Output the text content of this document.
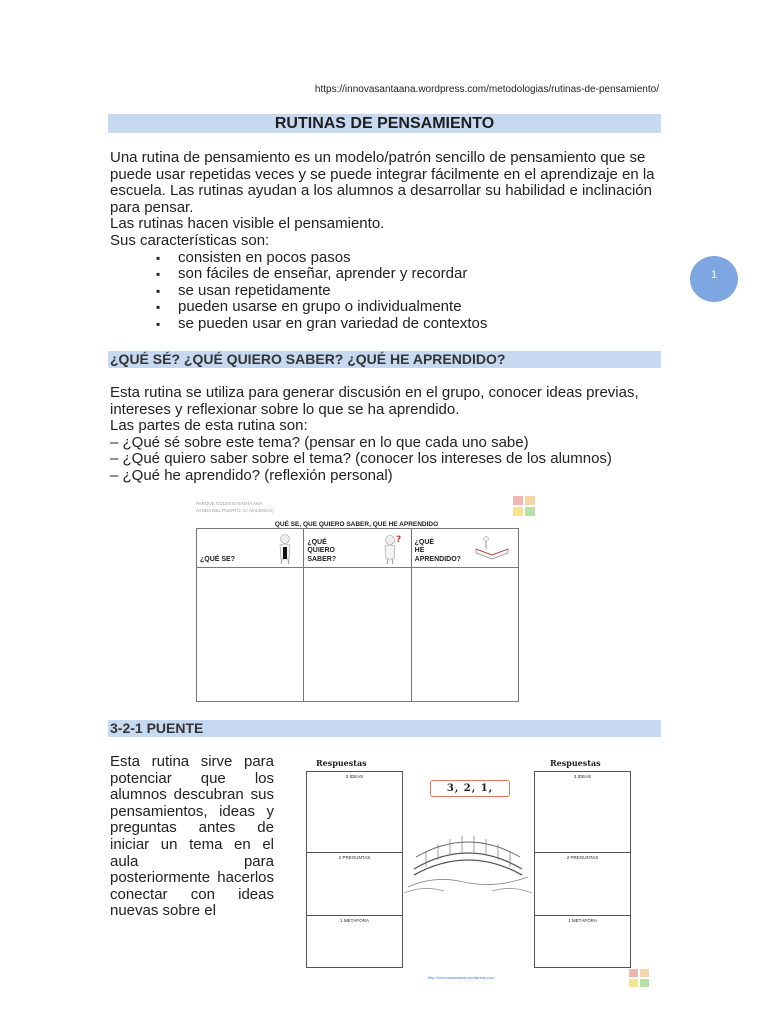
https://innovasantaana.wordpress.com/metodologias/rutinas-de-pensamiento/
RUTINAS DE PENSAMIENTO

Una rutina de pensamiento es un modelo/patrón sencillo de pensamiento que se puede usar repetidas veces y se puede integrar fácilmente en el aprendizaje en la escuela. Las rutinas ayudan a los alumnos a desarrollar su habilidad e inclinación para pensar.

Las rutinas hacen visible el pensamiento.

Sus características son:

▪ consisten en pocos pasos
▪ son fáciles de enseñar, aprender y recordar
▪ se usan repetidamente
▪ pueden usarse en grupo o individualmente
▪ se pueden usar en gran variedad de contextos
1
¿QUÉ SÉ? ¿QUÉ QUIERO SABER? ¿QUÉ HE APRENDIDO?

Esta rutina se utiliza para generar discusión en el grupo, conocer ideas previas, intereses y reflexionar sobre lo que se ha aprendido.

Las partes de esta rutina son:

– ¿Qué sé sobre este tema? (pensar en lo que cada uno sabe)

– ¿Qué quiero saber sobre el tema? (conocer los intereses de los alumnos)

– ¿Qué he aprendido? (reflexión personal)

PARQUE COLEGIO SANTA ANA
AYUDA DEL PUERTO. C/ (VALENCIA)
QUÉ SE, QUE QUIERO SABER, QUE HE APRENDIDO
¿QUÉ SE?
¿QUÉ
QUIERO
SABER?
? ¿QUÉ
HE
APRENDIDO?
3-2-1 PUENTE
Esta rutina sirve para potenciar que los alumnos descubran sus pensamientos, ideas y preguntas antes de iniciar un tema en el aula para posteriormente hacerlos conectar con ideas nuevas sobre el
Respuestas	Respuestas
3 IDEAS
2 PREGUNTAS
1 METÁFORA
3 IDEAS
2 PREGUNTAS
1 METÁFORA
3, 2, 1,
http://innovasantaana.wordpress.com
